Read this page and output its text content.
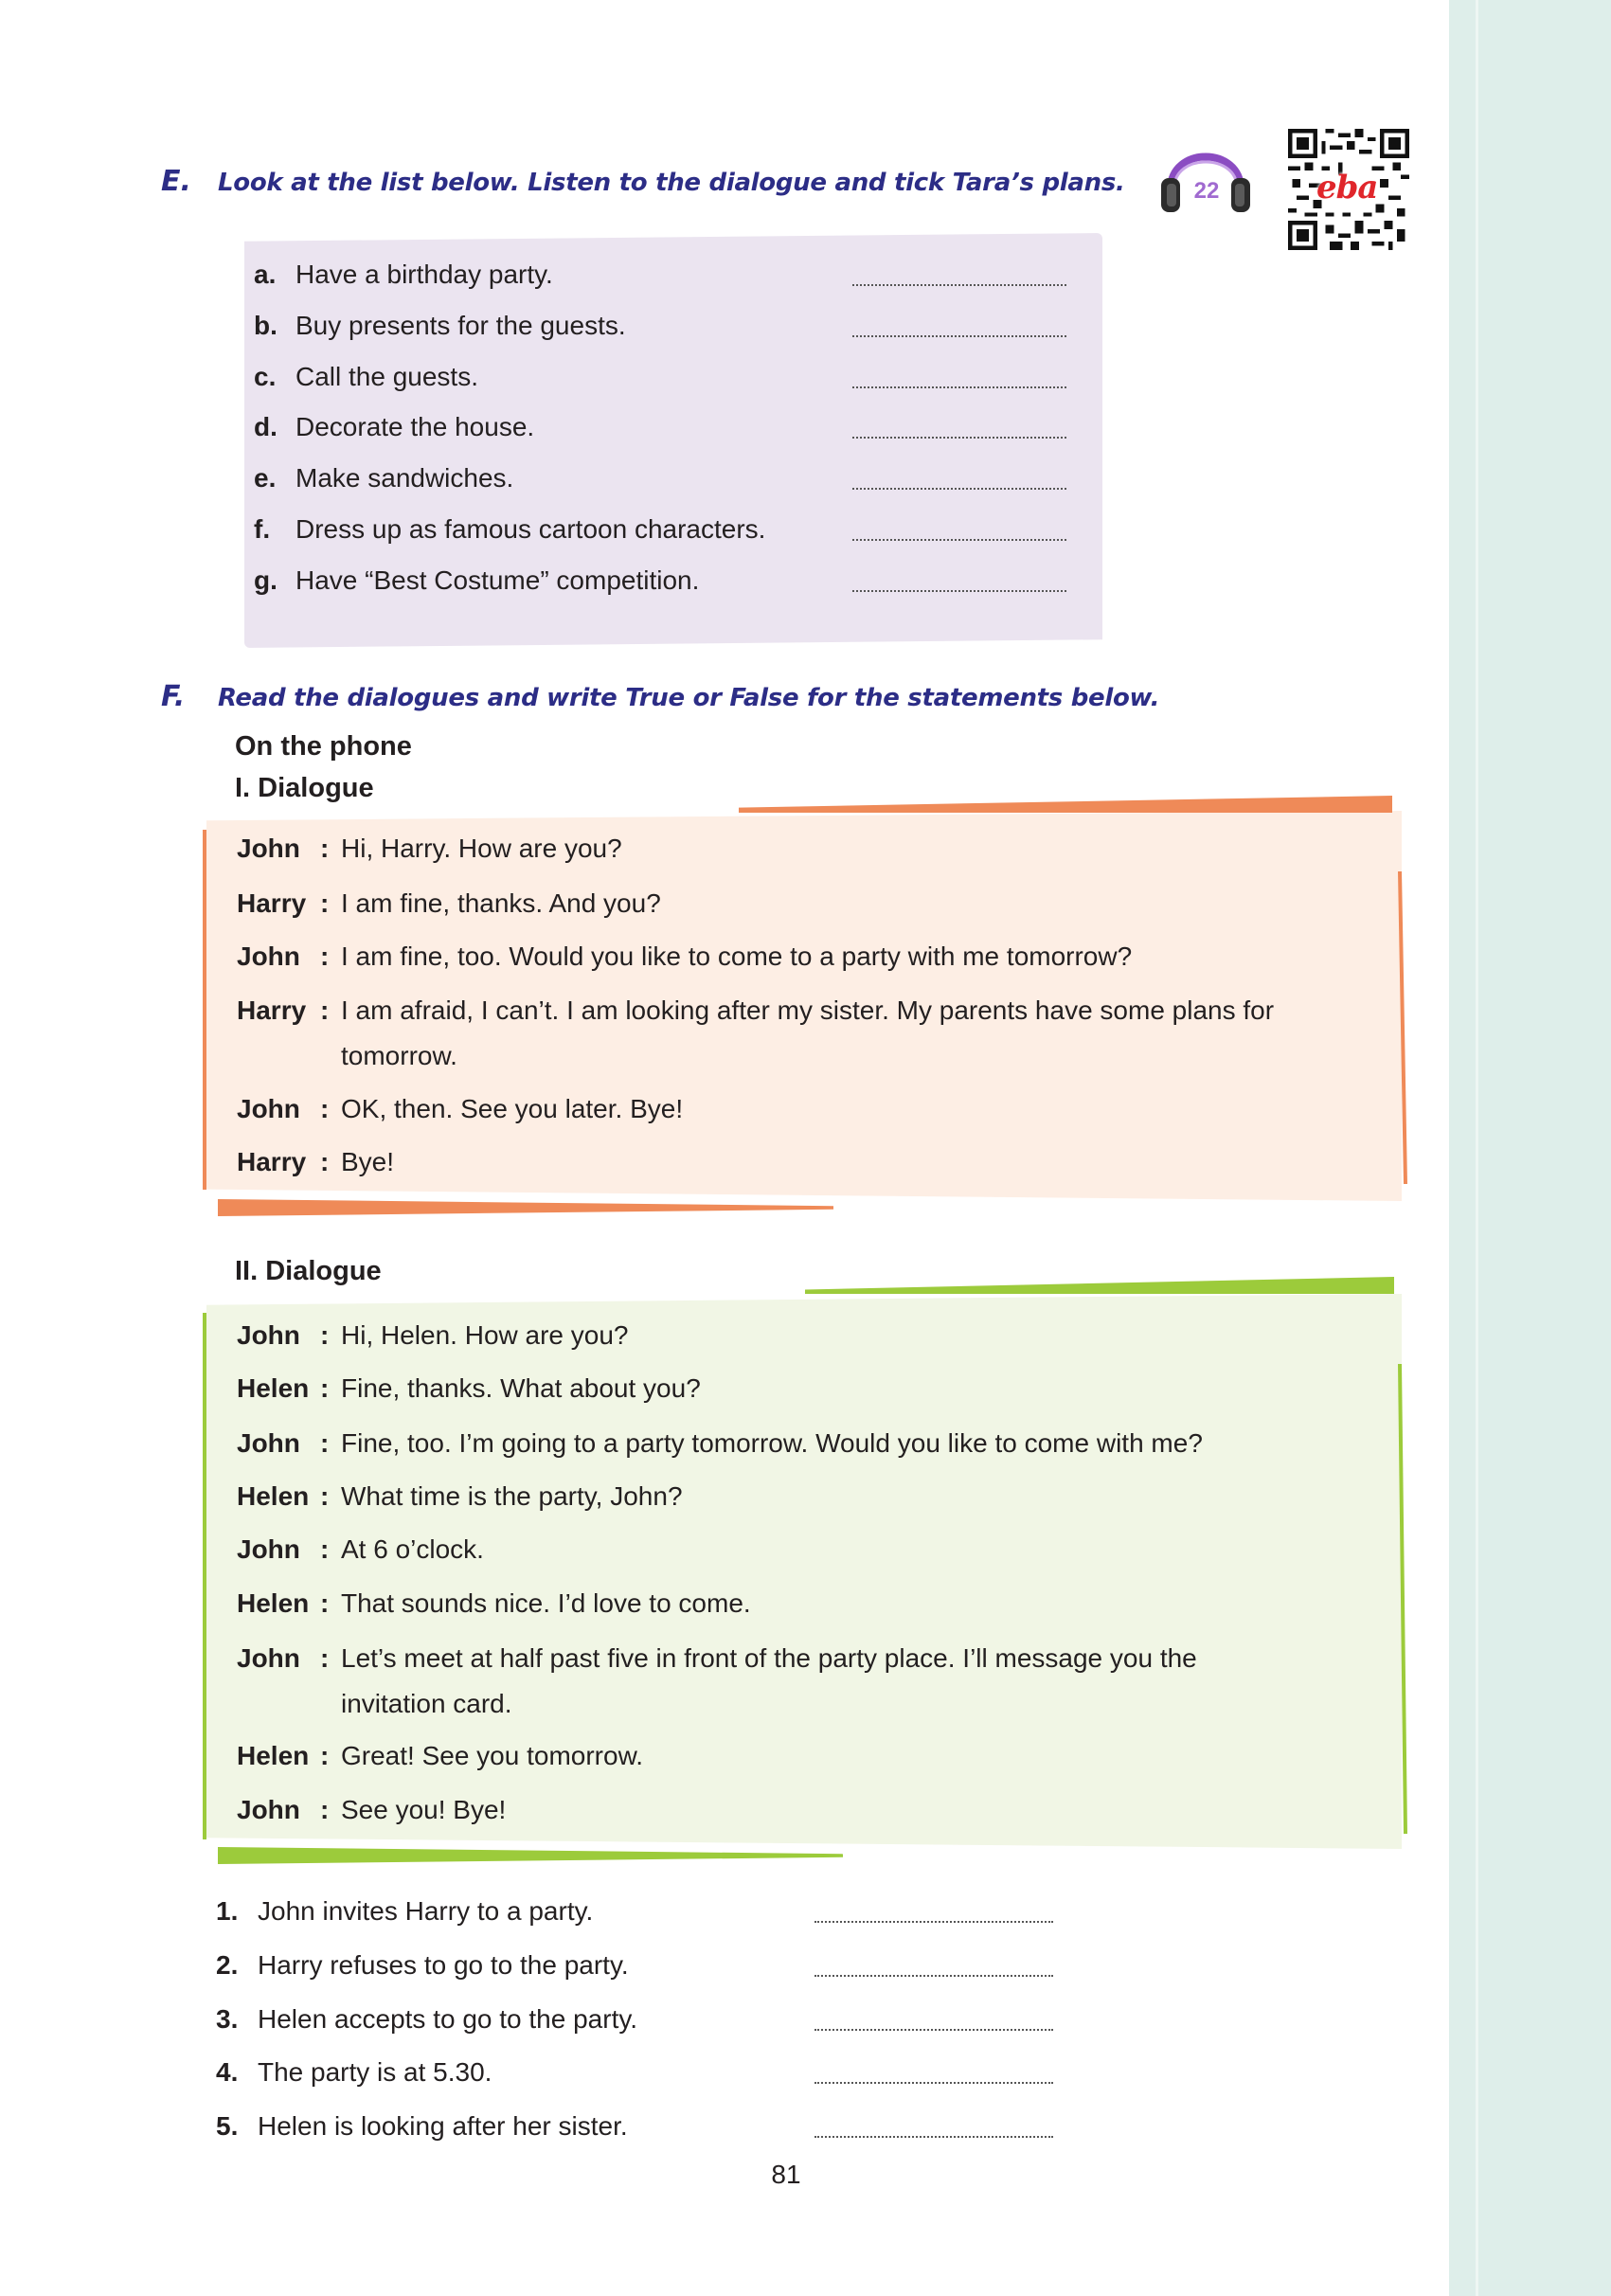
E. Look at the list below. Listen to the dialogue and tick Tara’s plans.	22	eba
a. Have a birthday party.
b. Buy presents for the guests.
c. Call the guests.
d. Decorate the house.
e. Make sandwiches.
f. Dress up as famous cartoon characters.
g. Have “Best Costume” competition.
F. Read the dialogues and write True or False for the statements below.
On the phone
I. Dialogue
John : Hi, Harry. How are you?
Harry : I am fine, thanks. And you?
John : I am fine, too. Would you like to come to a party with me tomorrow?
Harry : I am afraid, I can’t. I am looking after my sister. My parents have some plans for
tomorrow.
John : OK, then. See you later. Bye!
Harry : Bye!
II. Dialogue
John : Hi, Helen. How are you?
Helen : Fine, thanks. What about you?
John : Fine, too. I’m going to a party tomorrow. Would you like to come with me?
Helen : What time is the party, John?
John : At 6 o’clock.
Helen : That sounds nice. I’d love to come.
John : Let’s meet at half past five in front of the party place. I’ll message you the
invitation card.
Helen : Great! See you tomorrow.
John : See you! Bye!
1. John invites Harry to a party.
2. Harry refuses to go to the party.
3. Helen accepts to go to the party.
4. The party is at 5.30.
5. Helen is looking after her sister.
81
